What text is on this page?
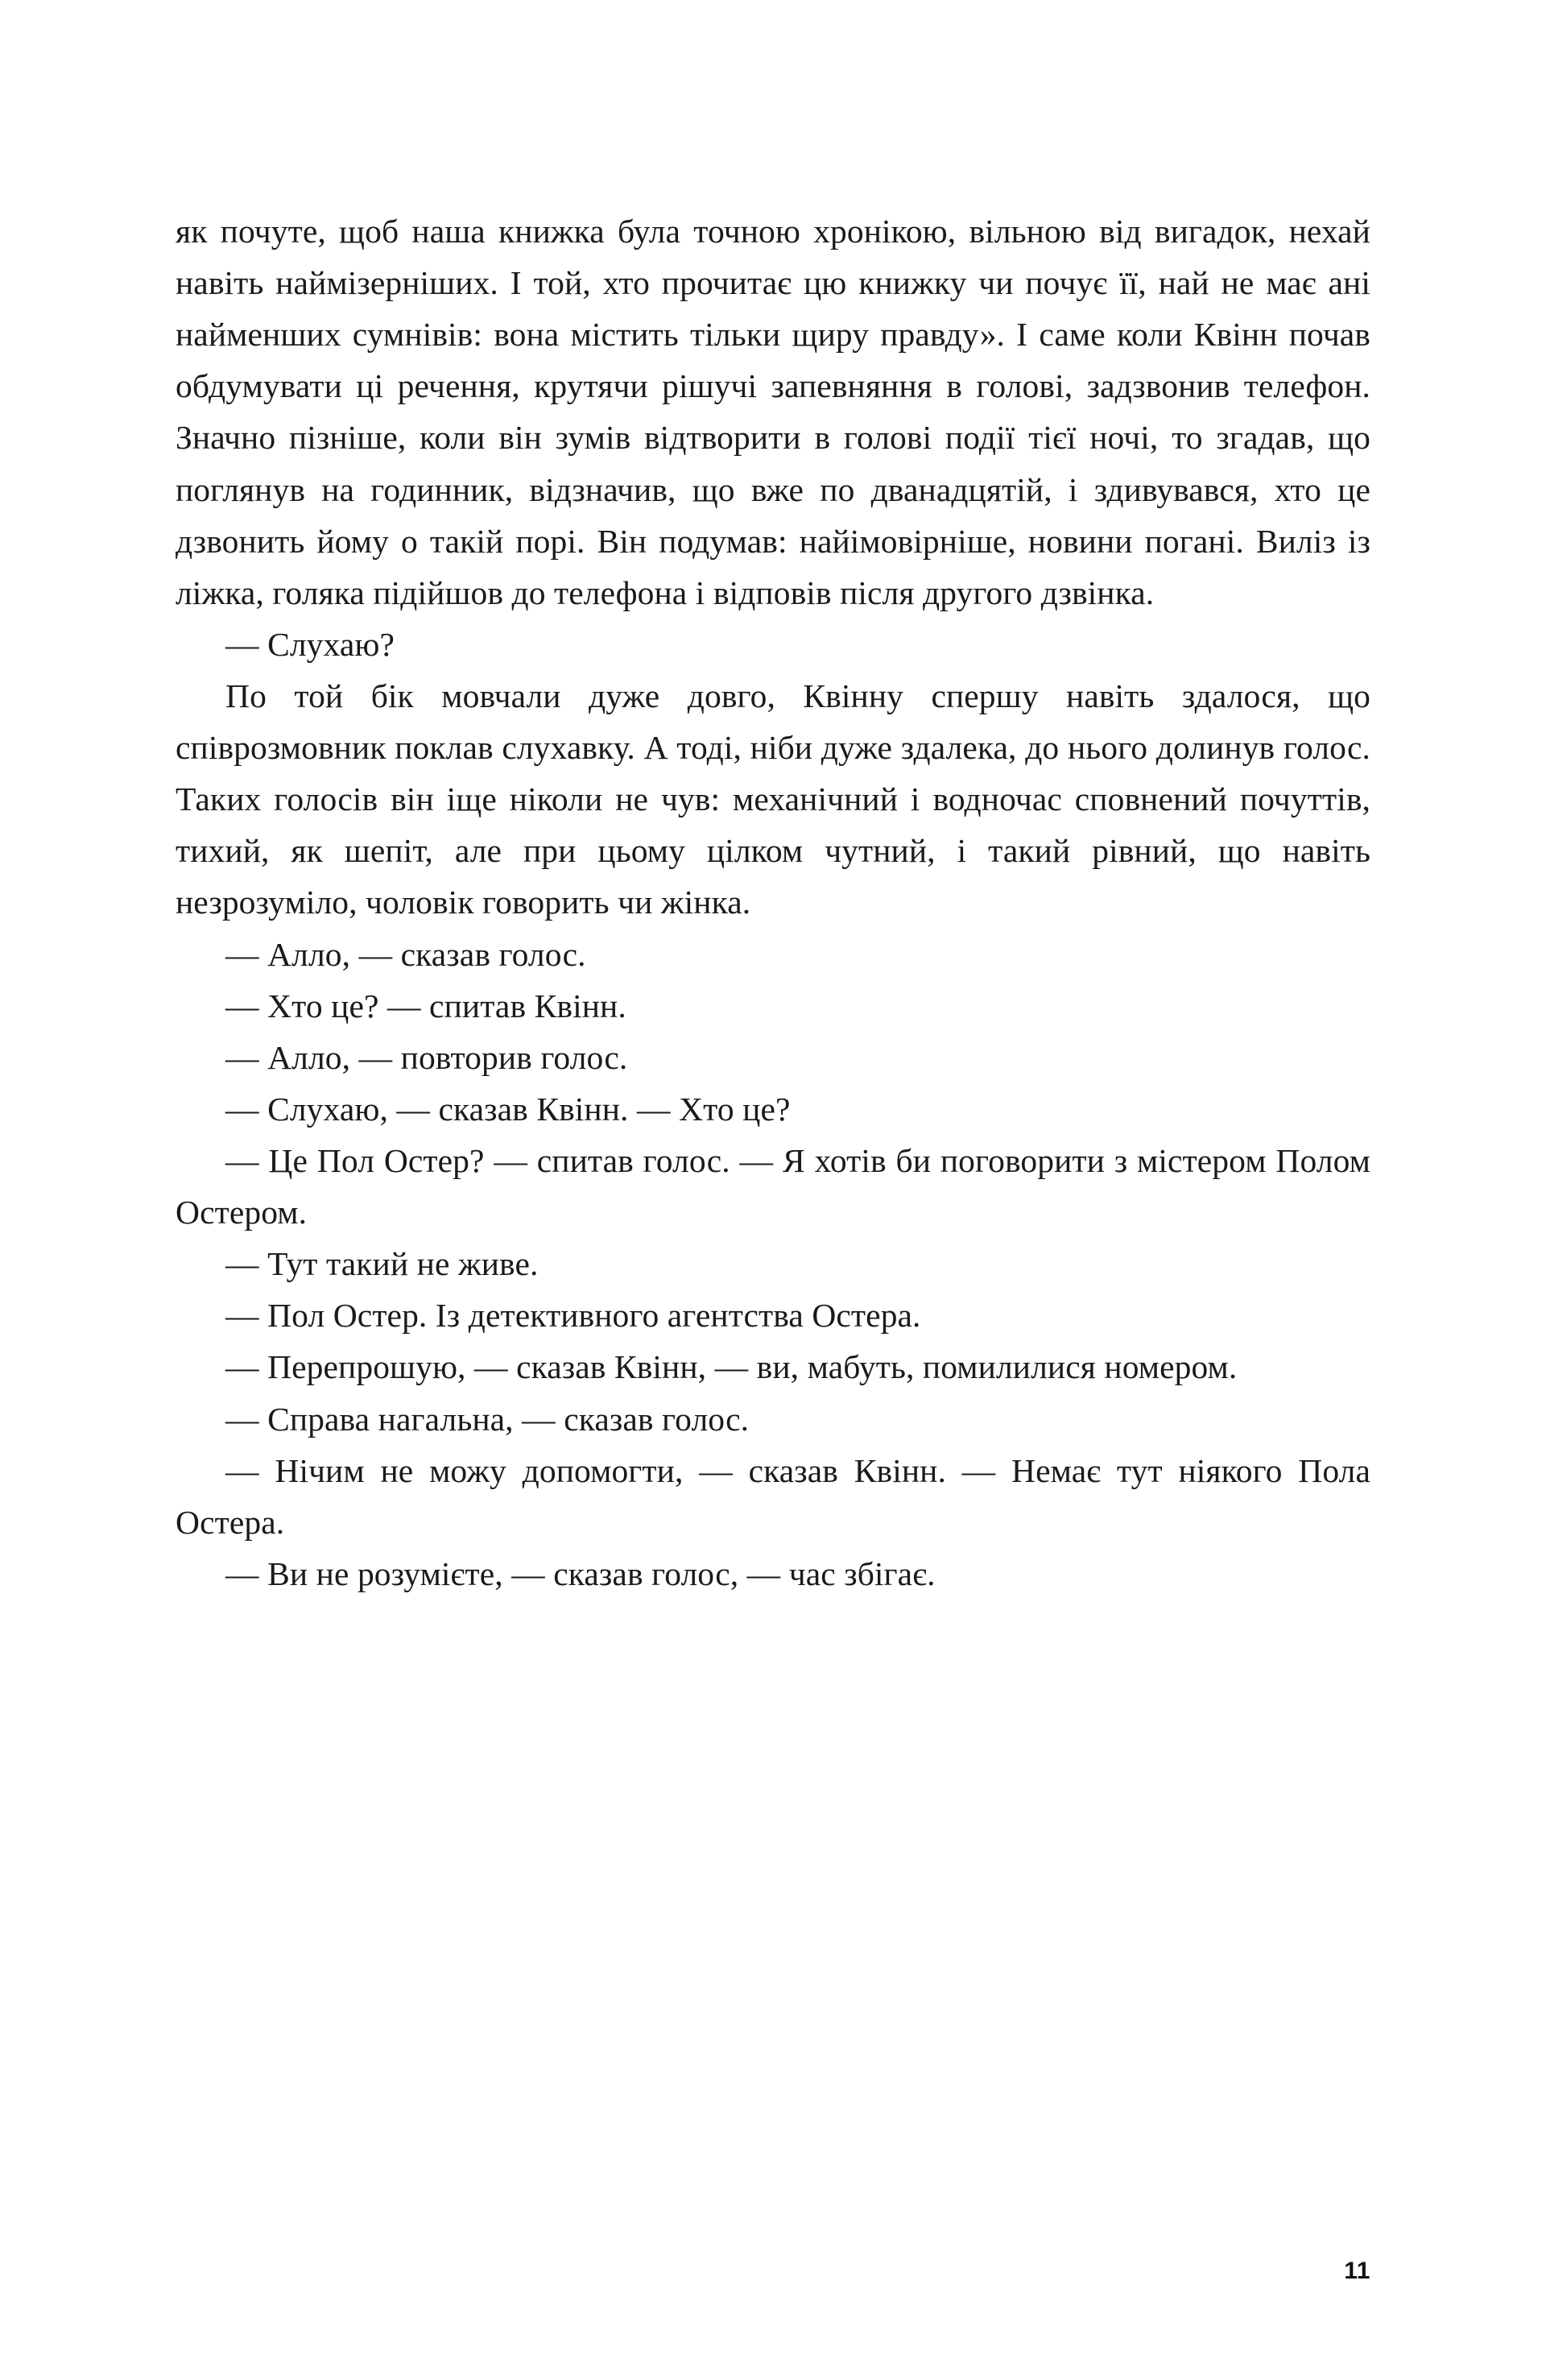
як почуте, щоб наша книжка була точною хронікою, вільною від вигадок, нехай навіть наймізерніших. І той, хто прочитає цю книжку чи почує її, най не має ані найменших сумнівів: вона містить тільки щиру правду». І саме коли Квінн почав обдумувати ці речення, крутячи рішучі запевняння в голові, задзвонив телефон. Значно пізніше, коли він зумів відтворити в голові події тієї ночі, то згадав, що поглянув на годинник, відзначив, що вже по дванадцятій, і здивувався, хто це дзвонить йому о такій порі. Він подумав: найімовірніше, новини погані. Виліз із ліжка, голяка підійшов до телефона і відповів після другого дзвінка.

— Слухаю?

По той бік мовчали дуже довго, Квінну спершу навіть здалося, що співрозмовник поклав слухавку. А тоді, ніби дуже здалека, до нього долинув голос. Таких голосів він іще ніколи не чув: механічний і водночас сповнений почуттів, тихий, як шепіт, але при цьому цілком чутний, і такий рівний, що навіть незрозуміло, чоловік говорить чи жінка.

— Алло, — сказав голос.

— Хто це? — спитав Квінн.

— Алло, — повторив голос.

— Слухаю, — сказав Квінн. — Хто це?

— Це Пол Остер? — спитав голос. — Я хотів би поговорити з містером Полом Остером.

— Тут такий не живе.

— Пол Остер. Із детективного агентства Остера.

— Перепрошую, — сказав Квінн, — ви, мабуть, помилилися номером.

— Справа нагальна, — сказав голос.

— Нічим не можу допомогти, — сказав Квінн. — Немає тут ніякого Пола Остера.

— Ви не розумієте, — сказав голос, — час збігає.

11
